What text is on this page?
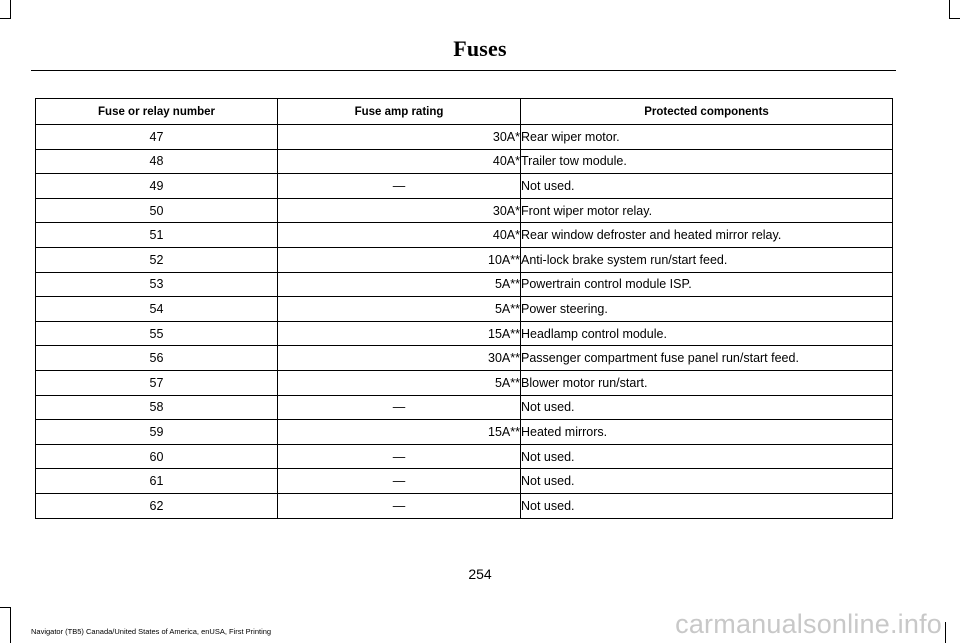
Fuses
Fuse or relay number	Fuse amp rating	Protected components
47	30A*	Rear wiper motor.
48	40A*	Trailer tow module.
49	—	Not used.
50	30A*	Front wiper motor relay.
51	40A*	Rear window defroster and heated mirror relay.
52	10A**	Anti-lock brake system run/start feed.
53	5A**	Powertrain control module ISP.
54	5A**	Power steering.
55	15A**	Headlamp control module.
56	30A**	Passenger compartment fuse panel run/start feed.
57	5A**	Blower motor run/start.
58	—	Not used.
59	15A**	Heated mirrors.
60	—	Not used.
61	—	Not used.
62	—	Not used.
254
Navigator (TB5) Canada/United States of America, enUSA, First Printing	carmanualsonline.info
